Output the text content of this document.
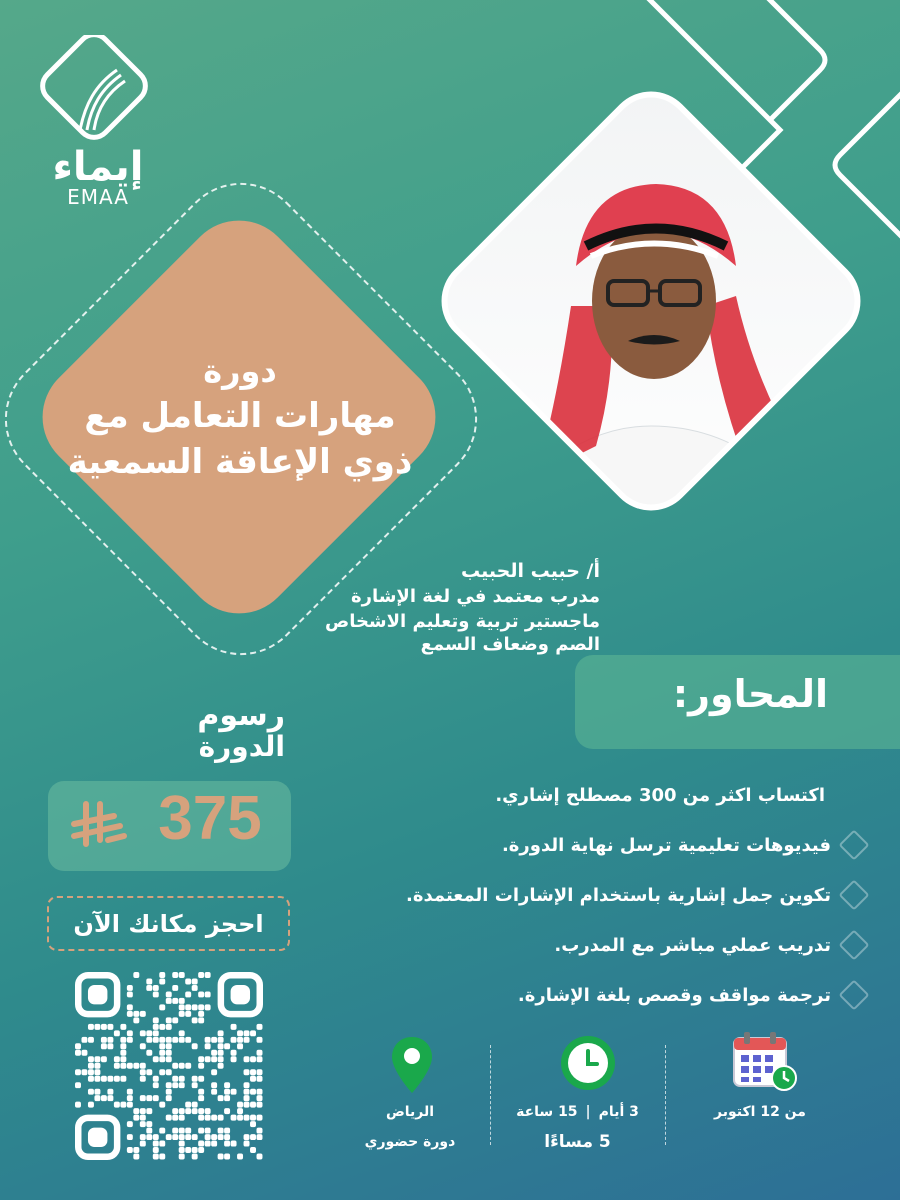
إيماء
EMAA
دورة
مهارات التعامل مع
ذوي الإعاقة السمعية
أ/ حبيب الحبيب
مدرب معتمد في لغة الإشارة
ماجستير تربية وتعليم الاشخاص
الصم وضعاف السمع
المحاور:
اكتساب اكثر من 300 مصطلح إشاري.
فيديوهات تعليمية ترسل نهاية الدورة.
تكوين جمل إشارية باستخدام الإشارات المعتمدة.
تدريب عملي مباشر مع المدرب.
ترجمة مواقف وقصص بلغة الإشارة.
رسوم
الدورة
375
احجز مكانك الآن
من 12 اكتوبر
3 أيام
|
15 ساعة
5 مساءًا
الرياض
دورة حضوري
